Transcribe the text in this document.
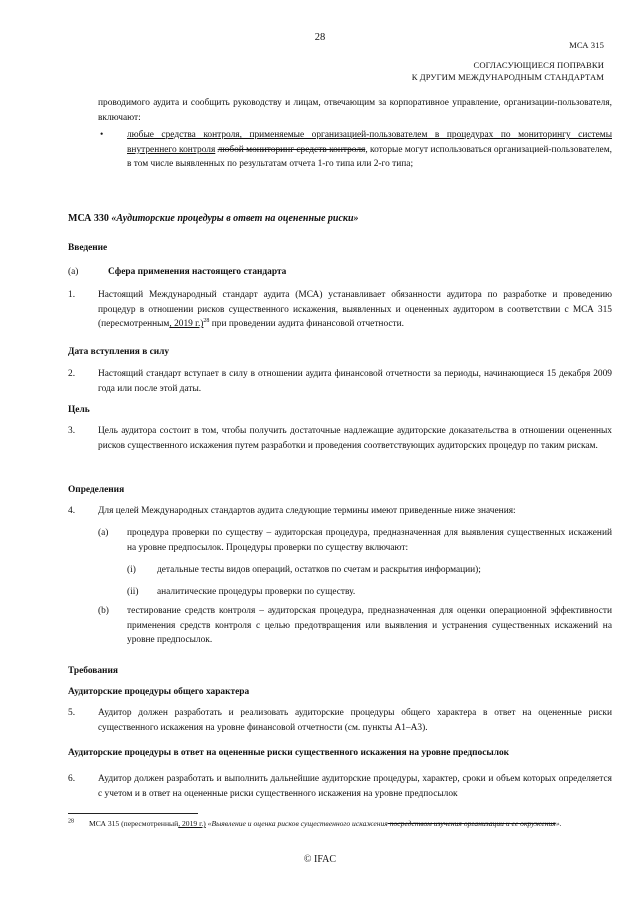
28
МСА 315
СОГЛАСУЮЩИЕСЯ ПОПРАВКИ
К ДРУГИМ МЕЖДУНАРОДНЫМ СТАНДАРТАМ
проводимого аудита и сообщить руководству и лицам, отвечающим за корпоративное управление, организации-пользователя, включают:
•	любые средства контроля, применяемые организацией-пользователем в процедурах по мониторингу системы внутреннего контроля любой мониторинг средств контроля, которые могут использоваться организацией-пользователем, в том числе выявленных по результатам отчета 1-го типа или 2-го типа;
МСА 330 «Аудиторские процедуры в ответ на оцененные риски»
Введение
(a)	Сфера применения настоящего стандарта
1.	Настоящий Международный стандарт аудита (МСА) устанавливает обязанности аудитора по разработке и проведению процедур в отношении рисков существенного искажения, выявленных и оцененных аудитором в соответствии с МСА 315 (пересмотренным, 2019 г.)$^{28}$ при проведении аудита финансовой отчетности.
Дата вступления в силу
2.	Настоящий стандарт вступает в силу в отношении аудита финансовой отчетности за периоды, начинающиеся 15 декабря 2009 года или после этой даты.
Цель
3.	Цель аудитора состоит в том, чтобы получить достаточные надлежащие аудиторские доказательства в отношении оцененных рисков существенного искажения путем разработки и проведения соответствующих аудиторских процедур по таким рискам.
Определения
4.	Для целей Международных стандартов аудита следующие термины имеют приведенные ниже значения:
(a) процедура проверки по существу – аудиторская процедура, предназначенная для выявления существенных искажений на уровне предпосылок. Процедуры проверки по существу включают:
(i) детальные тесты видов операций, остатков по счетам и раскрытия информации);
(ii) аналитические процедуры проверки по существу.
(b) тестирование средств контроля – аудиторская процедура, предназначенная для оценки операционной эффективности применения средств контроля с целью предотвращения или выявления и устранения существенных искажений на уровне предпосылок.
Требования
Аудиторские процедуры общего характера
5.	Аудитор должен разработать и реализовать аудиторские процедуры общего характера в ответ на оцененные риски существенного искажения на уровне финансовой отчетности (см. пункты А1–А3).
Аудиторские процедуры в ответ на оцененные риски существенного искажения на уровне предпосылок
6.	Аудитор должен разработать и выполнить дальнейшие аудиторские процедуры, характер, сроки и объем которых определяется с учетом и в ответ на оцененные риски существенного искажения на уровне предпосылок
$^{28}$ МСА 315 (пересмотренный, 2019 г.) «Выявление и оценка рисков существенного искажения посредством изучения организации и ее окружения».
© IFAC
